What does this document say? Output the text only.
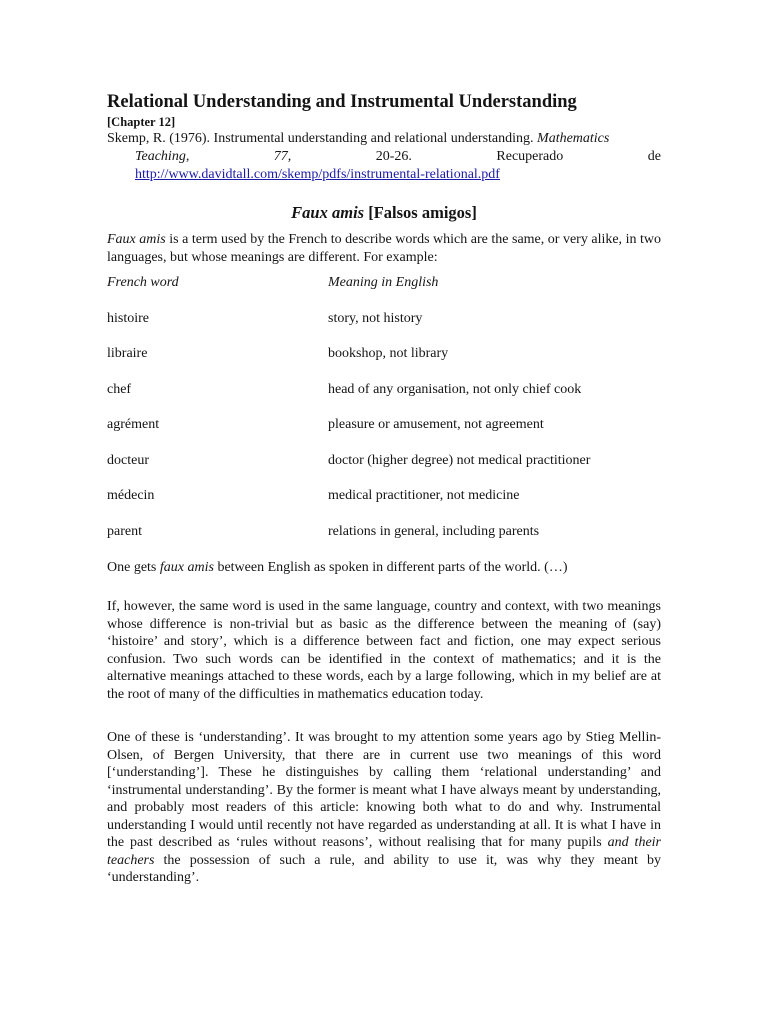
Relational Understanding and Instrumental Understanding
[Chapter 12]
Skemp, R. (1976). Instrumental understanding and relational understanding. Mathematics
Teaching,	77,	20-26.	Recuperado	de
http://www.davidtall.com/skemp/pdfs/instrumental-relational.pdf
Faux amis [Falsos amigos]

Faux amis is a term used by the French to describe words which are the same, or very alike, in two languages, but whose meanings are different. For example:

French word	Meaning in English
histoire	story, not history
libraire	bookshop, not library
chef	head of any organisation, not only chief cook
agrément	pleasure or amusement, not agreement
docteur	doctor (higher degree) not medical practitioner
médecin	medical practitioner, not medicine
parent	relations in general, including parents

One gets faux amis between English as spoken in different parts of the world. (…)

If, however, the same word is used in the same language, country and context, with two meanings whose difference is non-trivial but as basic as the difference between the meaning of (say) ‘histoire’ and story’, which is a difference between fact and fiction, one may expect serious confusion. Two such words can be identified in the context of mathematics; and it is the alternative meanings attached to these words, each by a large following, which in my belief are at the root of many of the difficulties in mathematics education today.

One of these is ‘understanding’. It was brought to my attention some years ago by Stieg Mellin-Olsen, of Bergen University, that there are in current use two meanings of this word [‘understanding’]. These he distinguishes by calling them ‘relational understanding’ and ‘instrumental understanding’. By the former is meant what I have always meant by understanding, and probably most readers of this article: knowing both what to do and why. Instrumental understanding I would until recently not have regarded as understanding at all. It is what I have in the past described as ‘rules without reasons’, without realising that for many pupils and their teachers the possession of such a rule, and ability to use it, was why they meant by ‘understanding’.
